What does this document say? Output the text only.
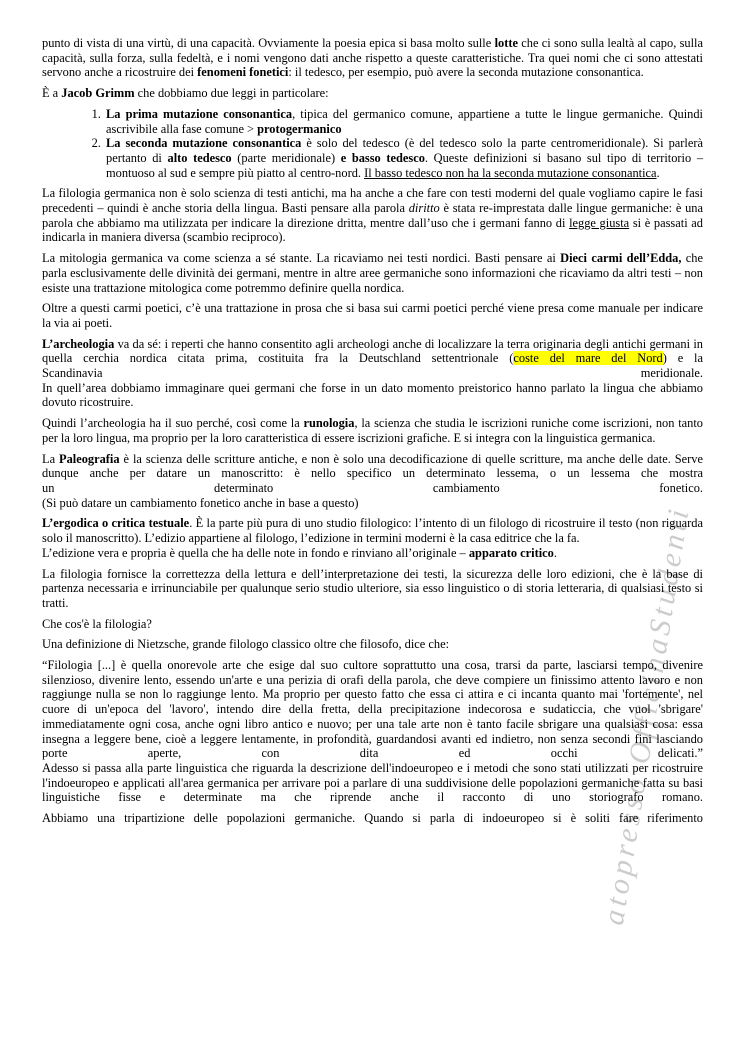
atopresso OfficinaStudenti
punto di vista di una virtù, di una capacità. Ovviamente la poesia epica si basa molto sulle lotte che ci sono sulla lealtà al capo, sulla capacità, sulla forza, sulla fedeltà, e i nomi vengono dati anche rispetto a queste caratteristiche. Tra quei nomi che ci sono attestati servono anche a ricostruire dei fenomeni fonetici: il tedesco, per esempio, può avere la seconda mutazione consonantica.
È a Jacob Grimm che dobbiamo due leggi in particolare:
1. La prima mutazione consonantica, tipica del germanico comune, appartiene a tutte le lingue germaniche. Quindi ascrivibile alla fase comune > protogermanico
2. La seconda mutazione consonantica è solo del tedesco (è del tedesco solo la parte centromeridionale). Si parlerà pertanto di alto tedesco (parte meridionale) e basso tedesco. Queste definizioni si basano sul tipo di territorio – montuoso al sud e sempre più piatto al centro-nord. Il basso tedesco non ha la seconda mutazione consonantica.
La filologia germanica non è solo scienza di testi antichi, ma ha anche a che fare con testi moderni del quale vogliamo capire le fasi precedenti – quindi è anche storia della lingua. Basti pensare alla parola diritto è stata re-imprestata dalle lingue germaniche: è una parola che abbiamo ma utilizzata per indicare la direzione dritta, mentre dall’uso che i germani fanno di legge giusta si è passati ad indicarla in maniera diversa (scambio reciproco).
La mitologia germanica va come scienza a sé stante. La ricaviamo nei testi nordici. Basti pensare ai Dieci carmi dell’Edda, che parla esclusivamente delle divinità dei germani, mentre in altre aree germaniche sono informazioni che ricaviamo da altri testi – non esiste una trattazione mitologica come potremmo definire quella nordica.
Oltre a questi carmi poetici, c’è una trattazione in prosa che si basa sui carmi poetici perché viene presa come manuale per indicare la via ai poeti.
L’archeologia va da sé: i reperti che hanno consentito agli archeologi anche di localizzare la terra originaria degli antichi germani in quella cerchia nordica citata prima, costituita fra la Deutschland settentrionale (coste del mare del Nord) e la
Scandinavia	meridionale.
In quell’area dobbiamo immaginare quei germani che forse in un dato momento preistorico hanno parlato la lingua che abbiamo dovuto ricostruire.
Quindi l’archeologia ha il suo perché, così come la runologia, la scienza che studia le iscrizioni runiche come iscrizioni, non tanto per la loro lingua, ma proprio per la loro caratteristica di essere iscrizioni grafiche. E si integra con la linguistica germanica.
La Paleografia è la scienza delle scritture antiche, e non è solo una decodificazione di quelle scritture, ma anche delle date. Serve dunque anche per datare un manoscritto: è nello specifico un determinato lessema, o un lessema che mostra
un	determinato	cambiamento	fonetico.
(Si può datare un cambiamento fonetico anche in base a questo)
L’ergodica o critica testuale. È la parte più pura di uno studio filologico: l’intento di un filologo di ricostruire il testo (non riguarda solo il manoscritto). L’edizio appartiene al filologo, l’edizione in termini moderni è la casa editrice che la fa.
L’edizione vera e propria è quella che ha delle note in fondo e rinviano all’originale – apparato critico.
La filologia fornisce la correttezza della lettura e dell’interpretazione dei testi, la sicurezza delle loro edizioni, che è la base di partenza necessaria e irrinunciabile per qualunque serio studio ulteriore, sia esso linguistico o di storia letteraria, di qualsiasi testo si tratti.
Che cos'è la filologia?
Una definizione di Nietzsche, grande filologo classico oltre che filosofo, dice che:
“Filologia [...] è quella onorevole arte che esige dal suo cultore soprattutto una cosa, trarsi da parte, lasciarsi tempo, divenire silenzioso, divenire lento, essendo un'arte e una perizia di orafi della parola, che deve compiere un finissimo attento lavoro e non raggiunge nulla se non lo raggiunge lento. Ma proprio per questo fatto che essa ci attira e ci incanta quanto mai 'fortemente', nel cuore di un'epoca del 'lavoro', intendo dire della fretta, della precipitazione indecorosa e sudaticcia, che vuol 'sbrigare' immediatamente ogni cosa, anche ogni libro antico e nuovo; per una tale arte non è tanto facile sbrigare una qualsiasi cosa: essa insegna a leggere bene, cioè a leggere lentamente, in profondità, guardandosi avanti ed indietro, non senza secondi fini lasciando porte aperte, con dita ed occhi delicati.”
Adesso si passa alla parte linguistica che riguarda la descrizione dell'indoeuropeo e i metodi che sono stati utilizzati per ricostruire l'indoeuropeo e applicati all'area germanica per arrivare poi a parlare di una suddivisione delle popolazioni germaniche fatta su basi linguistiche fisse e determinate ma che riprende anche il racconto di uno storiografo romano.
Abbiamo una tripartizione delle popolazioni germaniche. Quando si parla di indoeuropeo si è soliti fare riferimento
